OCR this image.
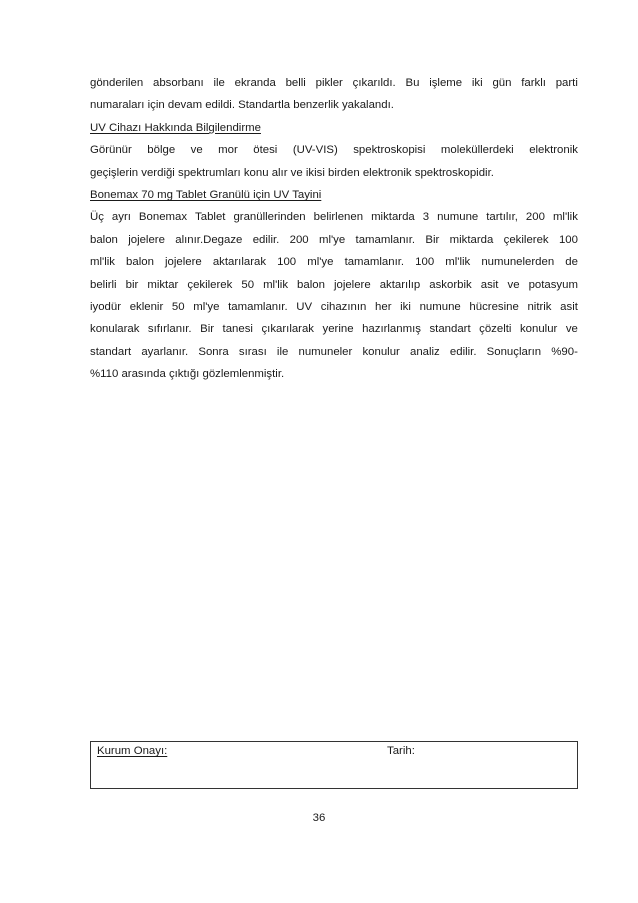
gönderilen absorbanı ile ekranda belli pikler çıkarıldı. Bu işleme iki gün farklı parti
numaraları için devam edildi. Standartla benzerlik yakalandı.
UV Cihazı Hakkında Bilgilendirme
Görünür bölge ve mor ötesi (UV-VIS) spektroskopisi moleküllerdeki elektronik
geçişlerin verdiği spektrumları konu alır ve ikisi birden elektronik spektroskopidir.
Bonemax 70 mg Tablet Granülü için UV Tayini
Üç ayrı Bonemax Tablet granüllerinden belirlenen miktarda 3 numune tartılır, 200 ml'lik
balon jojelere alınır.Degaze edilir. 200 ml'ye tamamlanır. Bir miktarda çekilerek 100
ml'lik balon jojelere aktarılarak 100 ml'ye tamamlanır. 100 ml'lik numunelerden de
belirli bir miktar çekilerek 50 ml'lik balon jojelere aktarılıp askorbik asit ve potasyum
iyodür eklenir 50 ml'ye tamamlanır. UV cihazının her iki numune hücresine nitrik asit
konularak sıfırlanır. Bir tanesi çıkarılarak yerine hazırlanmış standart çözelti konulur ve
standart ayarlanır. Sonra sırası ile numuneler konulur analiz edilir. Sonuçların %90-
%110 arasında çıktığı gözlemlenmiştir.
Kurum Onayı:	Tarih:
36
